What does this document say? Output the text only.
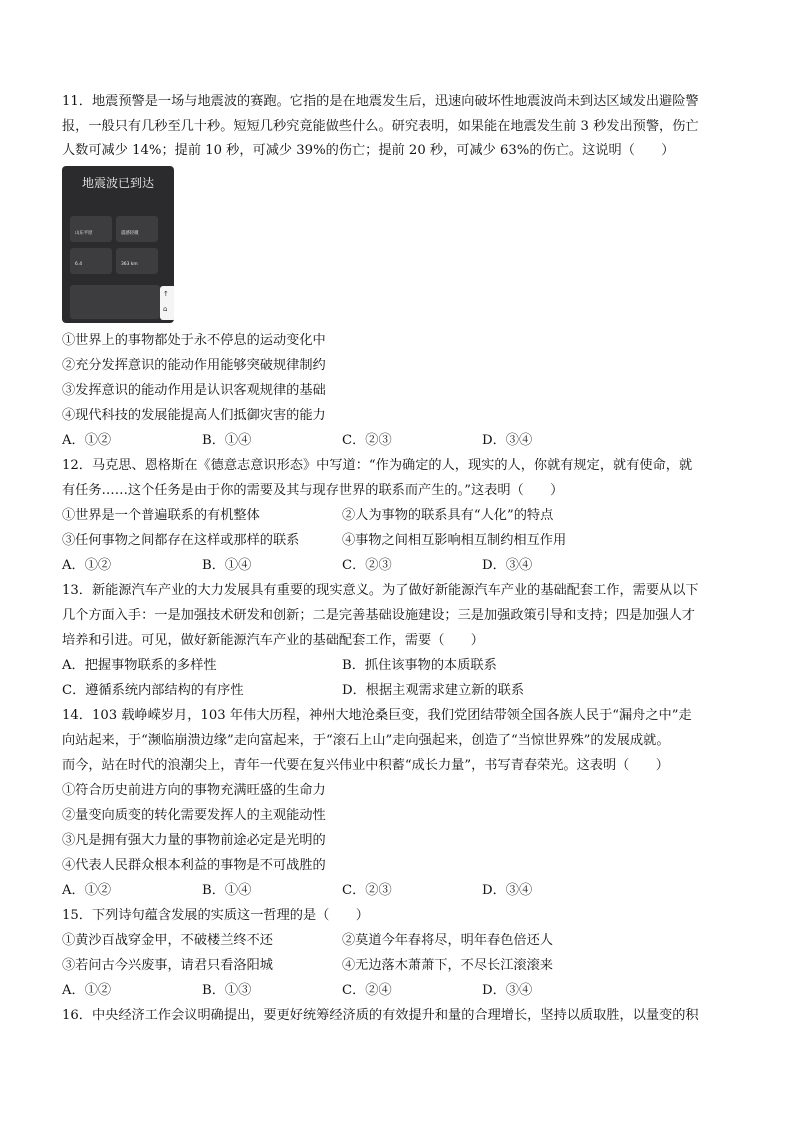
11．地震预警是一场与地震波的赛跑。它指的是在地震发生后，迅速向破坏性地震波尚未到达区域发出避险警
报，一般只有几秒至几十秒。短短几秒究竟能做些什么。研究表明，如果能在地震发生前 3 秒发出预警，伤亡
人数可减少 14%；提前 10 秒，可减少 39%的伤亡；提前 20 秒，可减少 63%的伤亡。这说明（　　）
地震波已到达
山东平原	震感轻微
6.4	363 km
↑
⌂
①世界上的事物都处于永不停息的运动变化中
②充分发挥意识的能动作用能够突破规律制约
③发挥意识的能动作用是认识客观规律的基础
④现代科技的发展能提高人们抵御灾害的能力
A．①②	B．①④	C．②③	D．③④
12．马克思、恩格斯在《德意志意识形态》中写道：“作为确定的人，现实的人，你就有规定，就有使命，就
有任务……这个任务是由于你的需要及其与现存世界的联系而产生的。”这表明（　　）
①世界是一个普遍联系的有机整体	②人为事物的联系具有“人化”的特点
③任何事物之间都存在这样或那样的联系	④事物之间相互影响相互制约相互作用
A．①②	B．①④	C．②③	D．③④
13．新能源汽车产业的大力发展具有重要的现实意义。为了做好新能源汽车产业的基础配套工作，需要从以下
几个方面入手：一是加强技术研发和创新；二是完善基础设施建设；三是加强政策引导和支持；四是加强人才
培养和引进。可见，做好新能源汽车产业的基础配套工作，需要（　　）
A．把握事物联系的多样性	B．抓住该事物的本质联系
C．遵循系统内部结构的有序性	D．根据主观需求建立新的联系
14．103 载峥嵘岁月，103 年伟大历程，神州大地沧桑巨变，我们党团结带领全国各族人民于“漏舟之中”走
向站起来，于“濒临崩溃边缘”走向富起来，于“滚石上山”走向强起来，创造了“当惊世界殊”的发展成就。
而今，站在时代的浪潮尖上，青年一代要在复兴伟业中积蓄“成长力量”，书写青春荣光。这表明（　　）
①符合历史前进方向的事物充满旺盛的生命力
②量变向质变的转化需要发挥人的主观能动性
③凡是拥有强大力量的事物前途必定是光明的
④代表人民群众根本利益的事物是不可战胜的
A．①②	B．①④	C．②③	D．③④
15．下列诗句蕴含发展的实质这一哲理的是（　　）
①黄沙百战穿金甲，不破楼兰终不还	②莫道今年春将尽，明年春色倍还人
③若问古今兴废事，请君只看洛阳城	④无边落木萧萧下，不尽长江滚滚来
A．①②	B．①③	C．②④	D．③④
16．中央经济工作会议明确提出，要更好统筹经济质的有效提升和量的合理增长，坚持以质取胜，以量变的积
